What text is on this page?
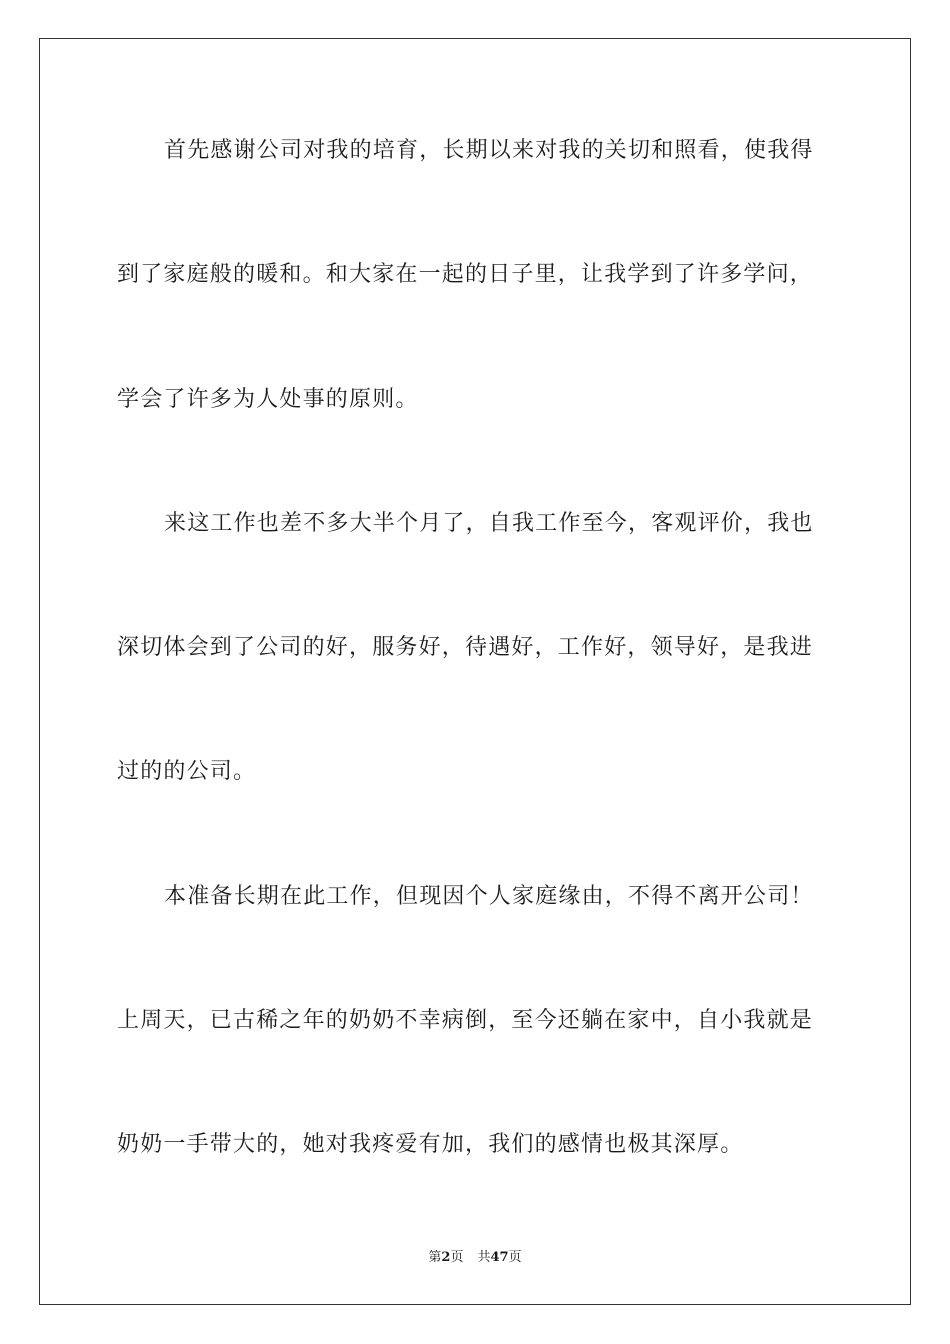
首先感谢公司对我的培育，长期以来对我的关切和照看，使我得
到了家庭般的暖和。和大家在一起的日子里，让我学到了许多学问，
学会了许多为人处事的原则。
来这工作也差不多大半个月了，自我工作至今，客观评价，我也
深切体会到了公司的好，服务好，待遇好，工作好，领导好，是我进
过的的公司。
本准备长期在此工作，但现因个人家庭缘由，不得不离开公司！
上周天，已古稀之年的奶奶不幸病倒，至今还躺在家中，自小我就是
奶奶一手带大的，她对我疼爱有加，我们的感情也极其深厚。
第2页 共47页
